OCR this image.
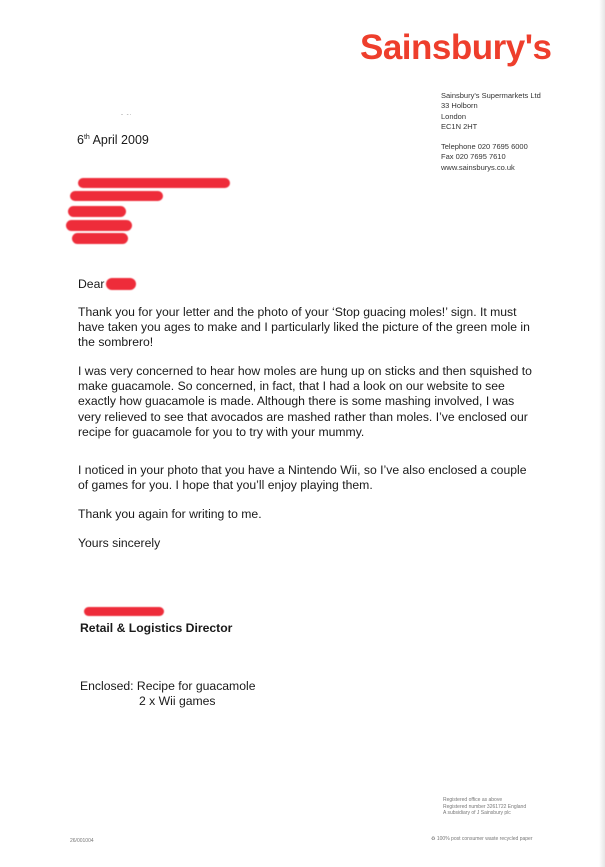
Sainsbury's
Sainsbury's Supermarkets Ltd
33 Holborn
London
EC1N 2HT
Telephone 020 7695 6000
Fax 020 7695 7610
www.sainsburys.co.uk
- -·
6th April 2009
Dear
Thank you for your letter and the photo of your ‘Stop guacing moles!’ sign. It must have taken you ages to make and I particularly liked the picture of the green mole in the sombrero!
I was very concerned to hear how moles are hung up on sticks and then squished to make guacamole. So concerned, in fact, that I had a look on our website to see exactly how guacamole is made. Although there is some mashing involved, I was very relieved to see that avocados are mashed rather than moles. I’ve enclosed our recipe for guacamole for you to try with your mummy.
I noticed in your photo that you have a Nintendo Wii, so I’ve also enclosed a couple of games for you. I hope that you’ll enjoy playing them.
Thank you again for writing to me.
Yours sincerely
Retail & Logistics Director
Enclosed: Recipe for guacamole
2 x Wii games
Registered office as above
Registered number 3261722 England
A subsidiary of J Sainsbury plc
26/001004	♻ 100% post consumer waste recycled paper
